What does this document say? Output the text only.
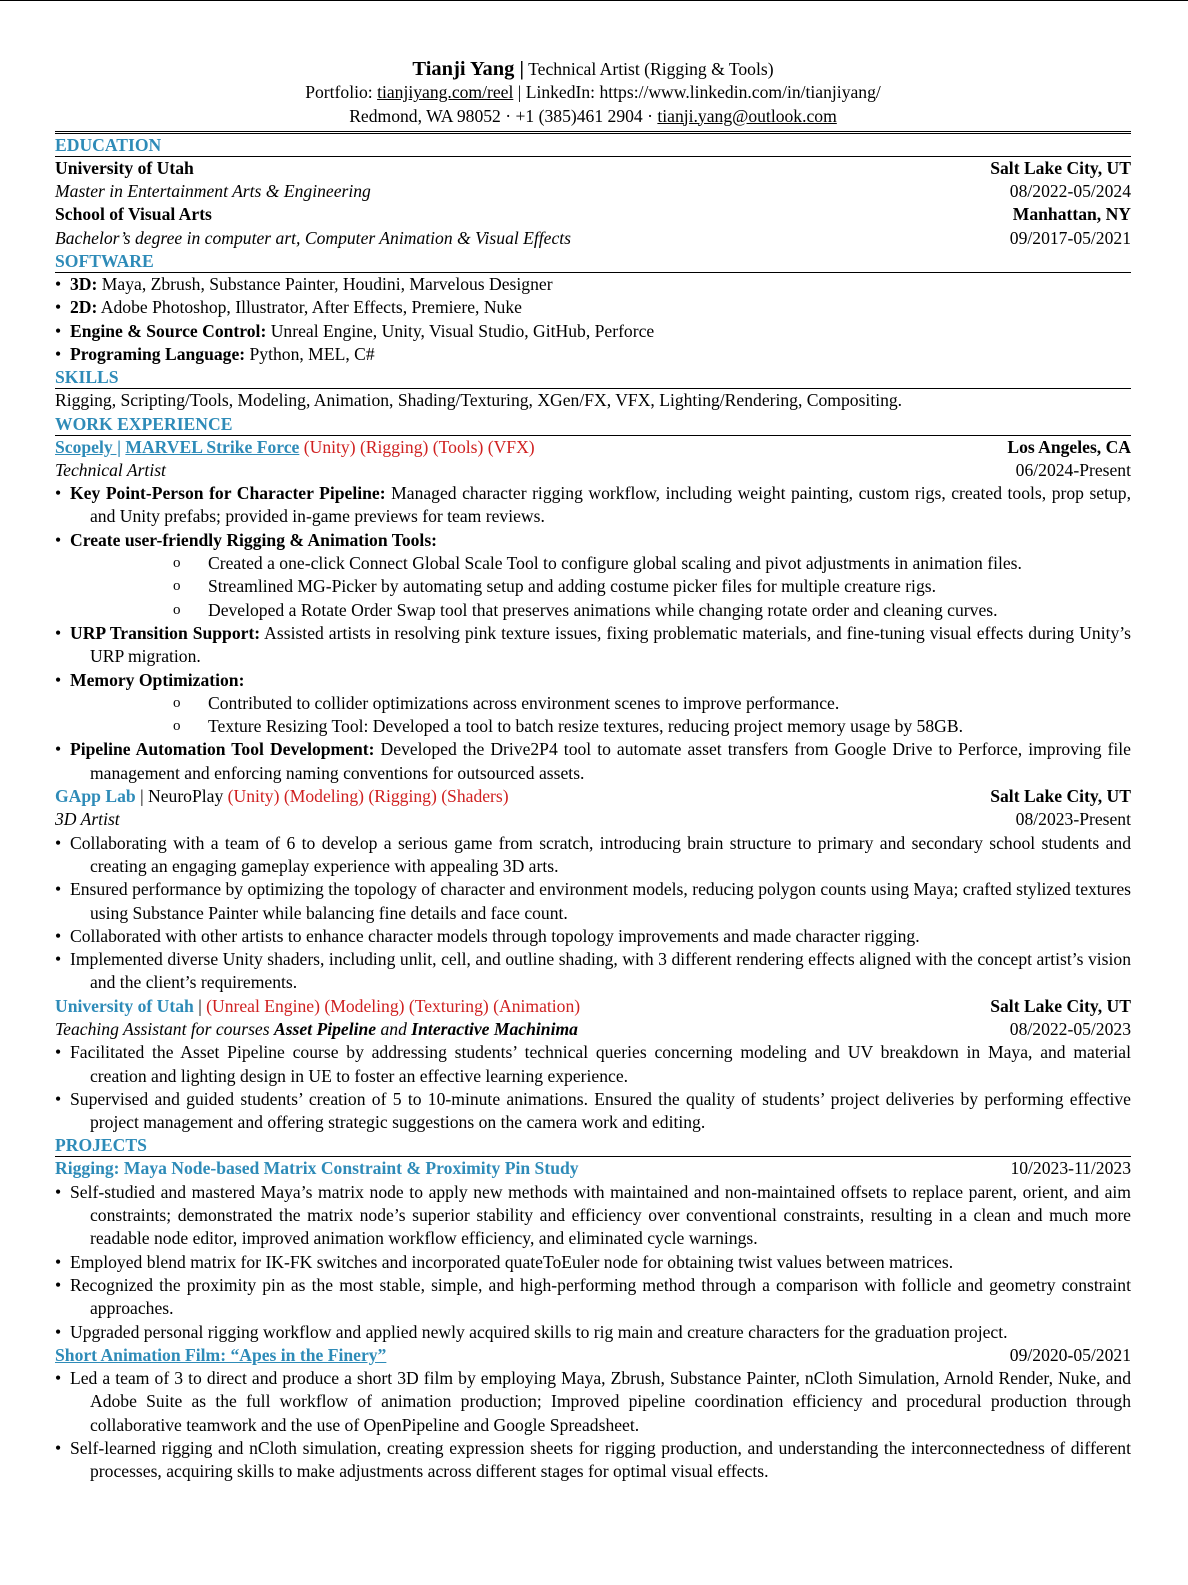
Tianji Yang | Technical Artist (Rigging & Tools)
Portfolio: tianjiyang.com/reel | LinkedIn: https://www.linkedin.com/in/tianjiyang/
Redmond, WA 98052 · +1 (385)461 2904 · tianji.yang@outlook.com
EDUCATION
University of Utah	Salt Lake City, UT
Master in Entertainment Arts & Engineering	08/2022-05/2024
School of Visual Arts	Manhattan, NY
Bachelor’s degree in computer art, Computer Animation & Visual Effects	09/2017-05/2021
SOFTWARE
• 3D: Maya, Zbrush, Substance Painter, Houdini, Marvelous Designer
• 2D: Adobe Photoshop, Illustrator, After Effects, Premiere, Nuke
• Engine & Source Control: Unreal Engine, Unity, Visual Studio, GitHub, Perforce
• Programing Language: Python, MEL, C#
SKILLS
Rigging, Scripting/Tools, Modeling, Animation, Shading/Texturing, XGen/FX, VFX, Lighting/Rendering, Compositing.
WORK EXPERIENCE
Scopely | MARVEL Strike Force (Unity) (Rigging) (Tools) (VFX)	Los Angeles, CA
Technical Artist	06/2024-Present
• Key Point-Person for Character Pipeline: Managed character rigging workflow, including weight painting, custom rigs, created tools, prop setup, and Unity prefabs; provided in-game previews for team reviews.
• Create user-friendly Rigging & Animation Tools:
o Created a one-click Connect Global Scale Tool to configure global scaling and pivot adjustments in animation files.
o Streamlined MG-Picker by automating setup and adding costume picker files for multiple creature rigs.
o Developed a Rotate Order Swap tool that preserves animations while changing rotate order and cleaning curves.
• URP Transition Support: Assisted artists in resolving pink texture issues, fixing problematic materials, and fine-tuning visual effects during Unity’s URP migration.
• Memory Optimization:
o Contributed to collider optimizations across environment scenes to improve performance.
o Texture Resizing Tool: Developed a tool to batch resize textures, reducing project memory usage by 58GB.
• Pipeline Automation Tool Development: Developed the Drive2P4 tool to automate asset transfers from Google Drive to Perforce, improving file management and enforcing naming conventions for outsourced assets.
GApp Lab | NeuroPlay (Unity) (Modeling) (Rigging) (Shaders)	Salt Lake City, UT
3D Artist	08/2023-Present
• Collaborating with a team of 6 to develop a serious game from scratch, introducing brain structure to primary and secondary school students and creating an engaging gameplay experience with appealing 3D arts.
• Ensured performance by optimizing the topology of character and environment models, reducing polygon counts using Maya; crafted stylized textures using Substance Painter while balancing fine details and face count.
• Collaborated with other artists to enhance character models through topology improvements and made character rigging.
• Implemented diverse Unity shaders, including unlit, cell, and outline shading, with 3 different rendering effects aligned with the concept artist’s vision and the client’s requirements.
University of Utah | (Unreal Engine) (Modeling) (Texturing) (Animation)	Salt Lake City, UT
Teaching Assistant for courses Asset Pipeline and Interactive Machinima	08/2022-05/2023
• Facilitated the Asset Pipeline course by addressing students’ technical queries concerning modeling and UV breakdown in Maya, and material creation and lighting design in UE to foster an effective learning experience.
• Supervised and guided students’ creation of 5 to 10-minute animations. Ensured the quality of students’ project deliveries by performing effective project management and offering strategic suggestions on the camera work and editing.
PROJECTS
Rigging: Maya Node-based Matrix Constraint & Proximity Pin Study	10/2023-11/2023
• Self-studied and mastered Maya’s matrix node to apply new methods with maintained and non-maintained offsets to replace parent, orient, and aim constraints; demonstrated the matrix node’s superior stability and efficiency over conventional constraints, resulting in a clean and much more readable node editor, improved animation workflow efficiency, and eliminated cycle warnings.
• Employed blend matrix for IK-FK switches and incorporated quateToEuler node for obtaining twist values between matrices.
• Recognized the proximity pin as the most stable, simple, and high-performing method through a comparison with follicle and geometry constraint approaches.
• Upgraded personal rigging workflow and applied newly acquired skills to rig main and creature characters for the graduation project.
Short Animation Film: “Apes in the Finery”	09/2020-05/2021
• Led a team of 3 to direct and produce a short 3D film by employing Maya, Zbrush, Substance Painter, nCloth Simulation, Arnold Render, Nuke, and Adobe Suite as the full workflow of animation production; Improved pipeline coordination efficiency and procedural production through collaborative teamwork and the use of OpenPipeline and Google Spreadsheet.
• Self-learned rigging and nCloth simulation, creating expression sheets for rigging production, and understanding the interconnectedness of different processes, acquiring skills to make adjustments across different stages for optimal visual effects.
